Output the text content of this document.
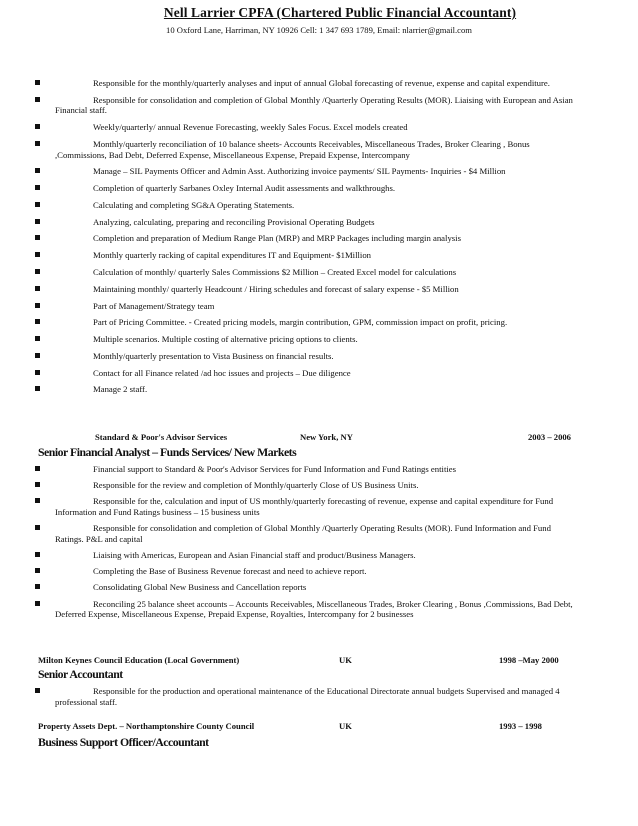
Nell Larrier CPFA (Chartered Public Financial Accountant)
10 Oxford Lane, Harriman, NY 10926 Cell: 1 347 693 1789, Email: nlarrier@gmail.com
Responsible for the monthly/quarterly analyses and input of annual Global forecasting of revenue, expense and capital expenditure.
Responsible for consolidation and completion of Global Monthly /Quarterly Operating Results (MOR). Liaising with European and Asian Financial staff.
Weekly/quarterly/ annual Revenue Forecasting, weekly Sales Focus. Excel models created
Monthly/quarterly reconciliation of 10 balance sheets- Accounts Receivables, Miscellaneous Trades, Broker Clearing , Bonus ,Commissions, Bad Debt, Deferred Expense, Miscellaneous Expense, Prepaid Expense, Intercompany
Manage – SIL Payments Officer and Admin Asst. Authorizing invoice payments/ SIL Payments- Inquiries - $4 Million
Completion of quarterly Sarbanes Oxley Internal Audit assessments and walkthroughs.
Calculating and completing SG&A Operating Statements.
Analyzing, calculating, preparing and reconciling Provisional Operating Budgets
Completion and preparation of Medium Range Plan (MRP) and MRP Packages including margin analysis
Monthly quarterly racking of capital expenditures IT and Equipment- $1Million
Calculation of monthly/ quarterly Sales Commissions $2 Million – Created Excel model for calculations
Maintaining monthly/ quarterly Headcount / Hiring schedules and forecast of salary expense - $5 Million
Part of Management/Strategy team
Part of Pricing Committee. - Created pricing models, margin contribution, GPM, commission impact on profit, pricing.
Multiple scenarios. Multiple costing of alternative pricing options to clients.
Monthly/quarterly presentation to Vista Business on financial results.
Contact for all Finance related /ad hoc issues and projects – Due diligence
Manage 2 staff.
Standard & Poor's Advisor Services	New York, NY	2003 – 2006
Senior Financial Analyst – Funds Services/ New Markets
Financial support to Standard & Poor's Advisor Services for Fund Information and Fund Ratings entities
Responsible for the review and completion of Monthly/quarterly Close of US Business Units.
Responsible for the, calculation and input of US monthly/quarterly forecasting of revenue, expense and capital expenditure for Fund Information and Fund Ratings business – 15 business units
Responsible for consolidation and completion of Global Monthly /Quarterly Operating Results (MOR). Fund Information and Fund Ratings. P&L and capital
Liaising with Americas, European and Asian Financial staff and product/Business Managers.
Completing the Base of Business Revenue forecast and need to achieve report.
Consolidating Global New Business and Cancellation reports
Reconciling 25 balance sheet accounts – Accounts Receivables, Miscellaneous Trades, Broker Clearing , Bonus ,Commissions, Bad Debt, Deferred Expense, Miscellaneous Expense, Prepaid Expense, Royalties, Intercompany for 2 businesses
Milton Keynes Council Education (Local Government)	UK	1998 –May 2000
Senior Accountant
Responsible for the production and operational maintenance of the Educational Directorate annual budgets Supervised and managed 4 professional staff.
Property Assets Dept. – Northamptonshire County Council	UK	1993 – 1998
Business Support Officer/Accountant
